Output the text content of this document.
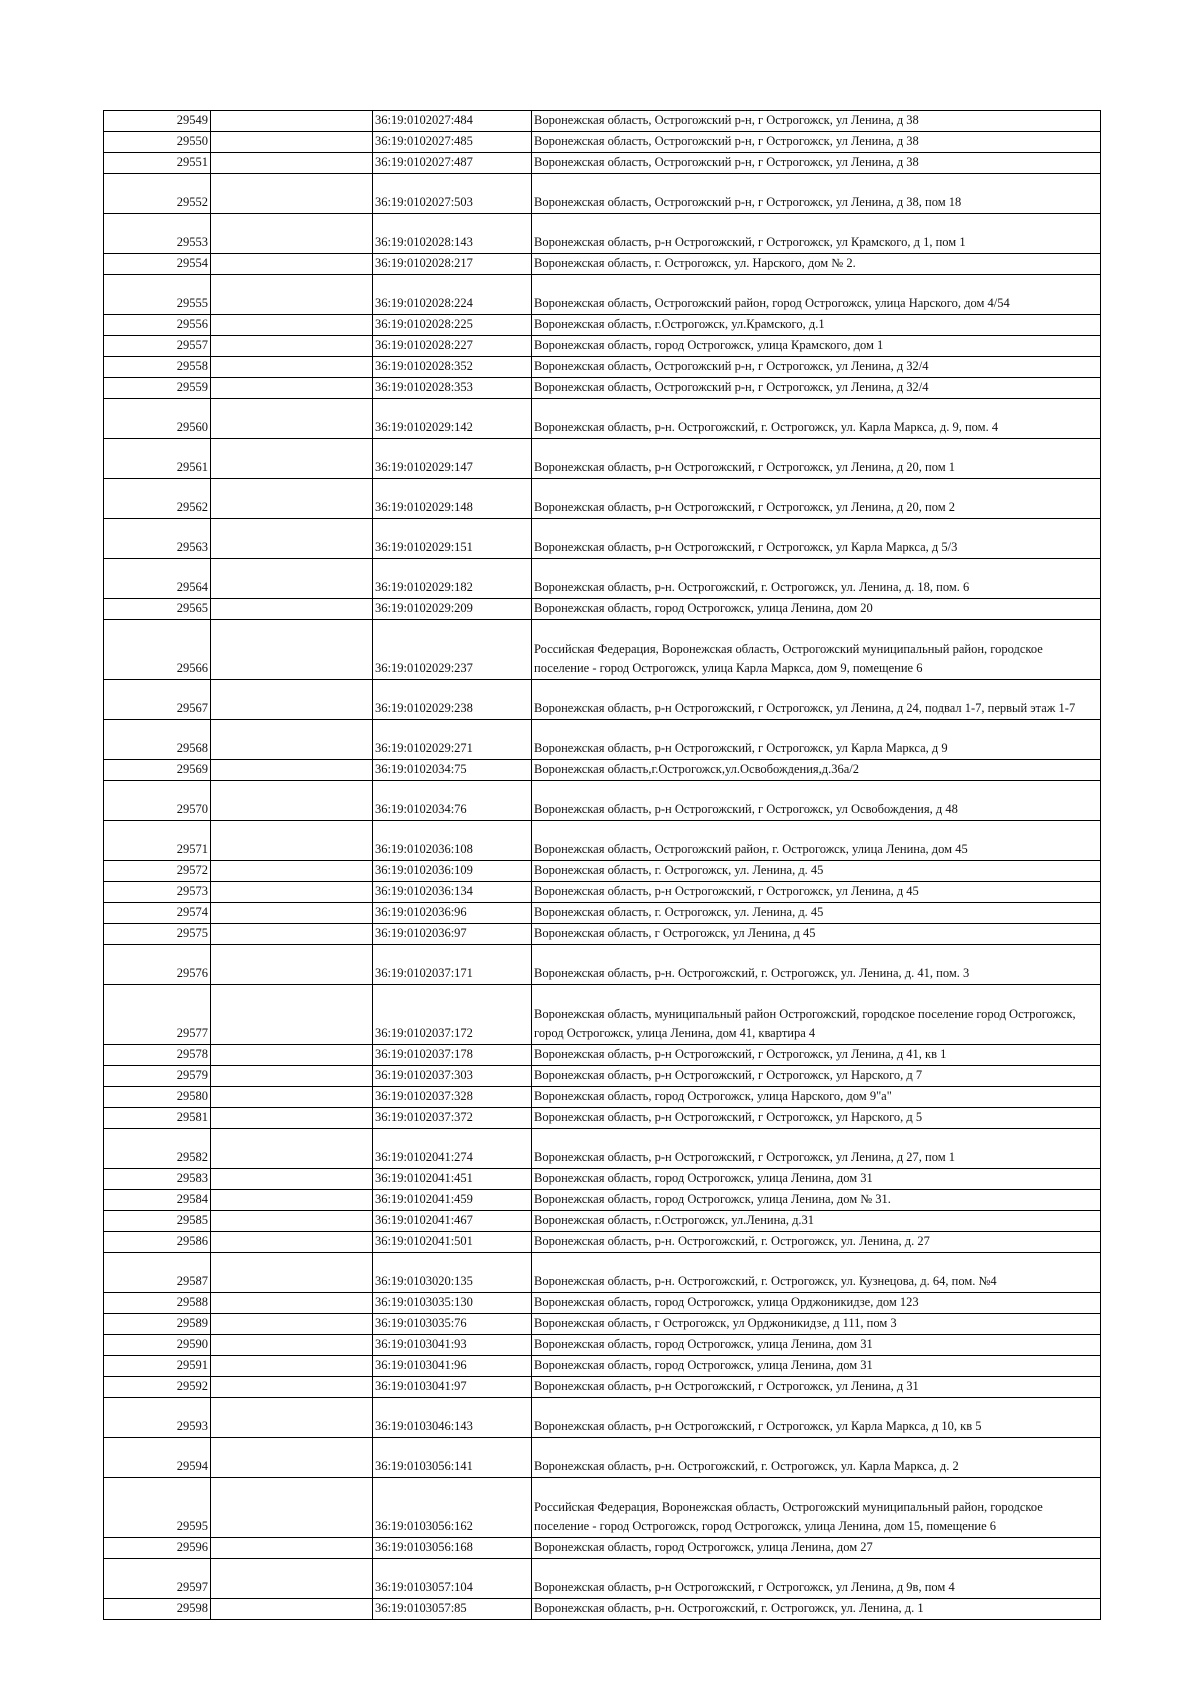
29549		36:19:0102027:484	Воронежская область, Острогожский р-н, г Острогожск, ул Ленина, д 38
29550		36:19:0102027:485	Воронежская область, Острогожский р-н, г Острогожск, ул Ленина, д 38
29551		36:19:0102027:487	Воронежская область, Острогожский р-н, г Острогожск, ул Ленина, д 38
29552		36:19:0102027:503	Воронежская область, Острогожский р-н, г Острогожск, ул Ленина, д 38, пом 18
29553		36:19:0102028:143	Воронежская область, р-н Острогожский, г Острогожск, ул Крамского, д 1, пом 1
29554		36:19:0102028:217	Воронежская область, г. Острогожск, ул. Нарского, дом № 2.
29555		36:19:0102028:224	Воронежская область, Острогожский район, город Острогожск, улица Нарского, дом 4/54
29556		36:19:0102028:225	Воронежская область, г.Острогожск, ул.Крамского, д.1
29557		36:19:0102028:227	Воронежская область, город Острогожск, улица Крамского, дом 1
29558		36:19:0102028:352	Воронежская область, Острогожский р-н, г Острогожск, ул Ленина, д 32/4
29559		36:19:0102028:353	Воронежская область, Острогожский р-н, г Острогожск, ул Ленина, д 32/4
29560		36:19:0102029:142	Воронежская область, р-н. Острогожский, г. Острогожск, ул. Карла Маркса, д. 9, пом. 4
29561		36:19:0102029:147	Воронежская область, р-н Острогожский, г Острогожск, ул Ленина, д 20, пом 1
29562		36:19:0102029:148	Воронежская область, р-н Острогожский, г Острогожск, ул Ленина, д 20, пом 2
29563		36:19:0102029:151	Воронежская область, р-н Острогожский, г Острогожск, ул Карла Маркса, д 5/3
29564		36:19:0102029:182	Воронежская область, р-н. Острогожский, г. Острогожск, ул. Ленина, д. 18, пом. 6
29565		36:19:0102029:209	Воронежская область, город Острогожск, улица Ленина, дом 20
29566		36:19:0102029:237	Российская Федерация, Воронежская область, Острогожский муниципальный район, городское поселение - город Острогожск, улица Карла Маркса, дом 9, помещение 6
29567		36:19:0102029:238	Воронежская область, р-н Острогожский, г Острогожск, ул Ленина, д 24, подвал 1-7, первый этаж 1-7
29568		36:19:0102029:271	Воронежская область, р-н Острогожский, г Острогожск, ул Карла Маркса, д 9
29569		36:19:0102034:75	Воронежская область,г.Острогожск,ул.Освобождения,д.36а/2
29570		36:19:0102034:76	Воронежская область, р-н Острогожский, г Острогожск, ул Освобождения, д 48
29571		36:19:0102036:108	Воронежская область, Острогожский район, г. Острогожск, улица Ленина, дом 45
29572		36:19:0102036:109	Воронежская область, г. Острогожск, ул. Ленина, д. 45
29573		36:19:0102036:134	Воронежская область, р-н Острогожский, г Острогожск, ул Ленина, д 45
29574		36:19:0102036:96	Воронежская область, г. Острогожск, ул. Ленина, д. 45
29575		36:19:0102036:97	Воронежская область, г Острогожск, ул Ленина, д 45
29576		36:19:0102037:171	Воронежская область, р-н. Острогожский, г. Острогожск, ул. Ленина, д. 41, пом. 3
29577		36:19:0102037:172	Воронежская область, муниципальный район Острогожский, городское поселение город Острогожск, город Острогожск, улица Ленина, дом 41, квартира 4
29578		36:19:0102037:178	Воронежская область, р-н Острогожский, г Острогожск, ул Ленина, д 41, кв 1
29579		36:19:0102037:303	Воронежская область, р-н Острогожский, г Острогожск, ул Нарского, д 7
29580		36:19:0102037:328	Воронежская область, город Острогожск, улица Нарского, дом 9"а"
29581		36:19:0102037:372	Воронежская область, р-н Острогожский, г Острогожск, ул Нарского, д 5
29582		36:19:0102041:274	Воронежская область, р-н Острогожский, г Острогожск, ул Ленина, д 27, пом 1
29583		36:19:0102041:451	Воронежская область, город Острогожск, улица Ленина, дом 31
29584		36:19:0102041:459	Воронежская область, город Острогожск, улица Ленина, дом № 31.
29585		36:19:0102041:467	Воронежская область, г.Острогожск, ул.Ленина, д.31
29586		36:19:0102041:501	Воронежская область, р-н. Острогожский, г. Острогожск, ул. Ленина, д. 27
29587		36:19:0103020:135	Воронежская область, р-н. Острогожский, г. Острогожск, ул. Кузнецова, д. 64, пом. №4
29588		36:19:0103035:130	Воронежская область, город Острогожск, улица Орджоникидзе, дом 123
29589		36:19:0103035:76	Воронежская область, г Острогожск, ул Орджоникидзе, д 111, пом 3
29590		36:19:0103041:93	Воронежская область, город Острогожск, улица Ленина, дом 31
29591		36:19:0103041:96	Воронежская область, город Острогожск, улица Ленина, дом 31
29592		36:19:0103041:97	Воронежская область, р-н Острогожский, г Острогожск, ул Ленина, д 31
29593		36:19:0103046:143	Воронежская область, р-н Острогожский, г Острогожск, ул Карла Маркса, д 10, кв 5
29594		36:19:0103056:141	Воронежская область, р-н. Острогожский, г. Острогожск, ул. Карла Маркса, д. 2
29595		36:19:0103056:162	Российская Федерация, Воронежская область, Острогожский муниципальный район, городское поселение - город Острогожск, город Острогожск, улица Ленина, дом 15, помещение 6
29596		36:19:0103056:168	Воронежская область, город Острогожск, улица Ленина, дом 27
29597		36:19:0103057:104	Воронежская область, р-н Острогожский, г Острогожск, ул Ленина, д 9в, пом 4
29598		36:19:0103057:85	Воронежская область, р-н. Острогожский, г. Острогожск, ул. Ленина, д. 1
